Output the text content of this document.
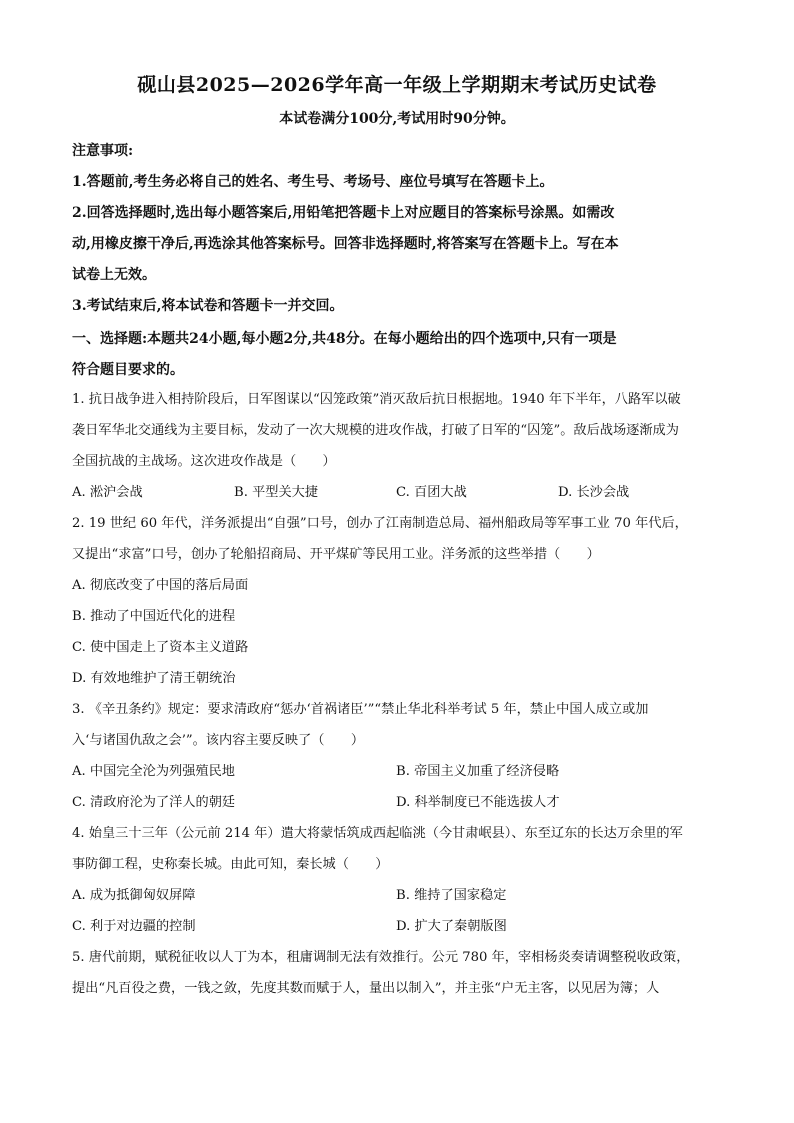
砚山县2025—2026学年高一年级上学期期末考试历史试卷
本试卷满分100分,考试用时90分钟。

注意事项:

1.答题前,考生务必将自己的姓名、考生号、考场号、座位号填写在答题卡上。

2.回答选择题时,选出每小题答案后,用铅笔把答题卡上对应题目的答案标号涂黑。如需改

动,用橡皮擦干净后,再选涂其他答案标号。回答非选择题时,将答案写在答题卡上。写在本

试卷上无效。

3.考试结束后,将本试卷和答题卡一并交回。

一、选择题:本题共24小题,每小题2分,共48分。在每小题给出的四个选项中,只有一项是

符合题目要求的。

1. 抗日战争进入相持阶段后，日军图谋以“囚笼政策”消灭敌后抗日根据地。1940 年下半年，八路军以破

袭日军华北交通线为主要目标，发动了一次大规模的进攻作战，打破了日军的“囚笼”。敌后战场逐渐成为

全国抗战的主战场。这次进攻作战是（　　）

A. 淞沪会战	B. 平型关大捷	C. 百团大战	D. 长沙会战

2. 19 世纪 60 年代，洋务派提出“自强”口号，创办了江南制造总局、福州船政局等军事工业 70 年代后，

又提出“求富”口号，创办了轮船招商局、开平煤矿等民用工业。洋务派的这些举措（　　）

A. 彻底改变了中国的落后局面

B. 推动了中国近代化的进程

C. 使中国走上了资本主义道路

D. 有效地维护了清王朝统治

3. 《辛丑条约》规定：要求清政府“惩办‘首祸诸臣’”“禁止华北科举考试 5 年，禁止中国人成立或加

入‘与诸国仇敌之会’”。该内容主要反映了（　　）

A. 中国完全沦为列强殖民地	B. 帝国主义加重了经济侵略
C. 清政府沦为了洋人的朝廷	D. 科举制度已不能选拔人才

4. 始皇三十三年（公元前 214 年）遣大将蒙恬筑成西起临洮（今甘肃岷县）、东至辽东的长达万余里的军

事防御工程，史称秦长城。由此可知，秦长城（　　）

A. 成为抵御匈奴屏障	B. 维持了国家稳定
C. 利于对边疆的控制	D. 扩大了秦朝版图

5. 唐代前期，赋税征收以人丁为本，租庸调制无法有效推行。公元 780 年，宰相杨炎奏请调整税收政策，

提出“凡百役之费，一钱之敛，先度其数而赋于人，量出以制入”，并主张“户无主客，以见居为簿；人
